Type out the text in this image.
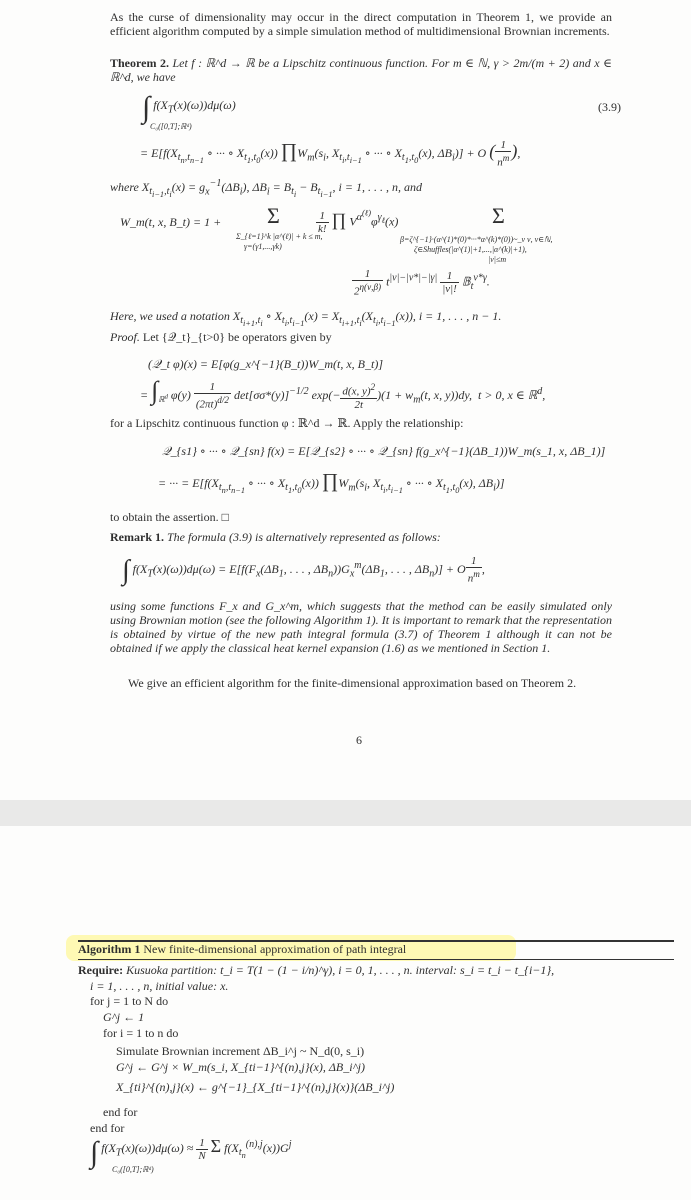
As the curse of dimensionality may occur in the direct computation in Theorem 1, we provide an efficient algorithm computed by a simple simulation method of multidimensional Brownian increments.
Theorem 2. Let f : ℝ^d → ℝ be a Lipschitz continuous function. For m ∈ ℕ, γ > 2m/(m + 2) and x ∈ ℝ^d, we have
∫ $f(X_T(x)(\omega))d\mu(\omega)$
C₀([0,T];ℝᵈ)
(3.9)
= $E[f(X_{t_n,t_{n-1}}$ ∘ ··· ∘ $X_{t_1,t_0}(x)$) $\prod W_m(s_i$, $X_{t_i,t_{i-1}}$ ∘ ··· ∘ $X_{t_1,t_0}(x)$, $\Delta B_i)] + O$ ( $\frac{1}{n^m}$ ),
where $X_{t_{i-1},t_i}(x) = g_x^{-1}(\Delta B_i)$, $\Delta B_i = B_{t_i} - B_{t_{i-1}}$, i = 1, . . . , n, and
W_m(t, x, B_t) = 1 + Σ
Σ_{ℓ=1}^k |α^(ℓ)| + k ≤ m,
γ=(γ1,...,γk)
$\frac{1}{k!}$ ∏ $V^{\alpha^{(\ell)}}\varphi^{\gamma_\ell}(x)$	Σ
β=ζ^{−1}·(α^(1)*(0)*···*α^(k)*(0))~_ν ν, ν∈ℕ,
ζ∈Shuffles(|α^(1)|+1,...,|α^(k)|+1),
|ν|≤m
$\frac{1}{2^{\eta(\nu,\beta)}} t^{|\nu|-|\nu*|-|\gamma|} \frac{1}{|\nu|!}$ 𝔹$_t^{\nu*\gamma}$.
Here, we used a notation $X_{t_{i+1},t_i}$ ∘ $X_{t_i,t_{i-1}}(x) = X_{t_{i+1},t_i}(X_{t_i,t_{i-1}}(x))$, i = 1, . . . , n − 1.
Proof. Let {𝒬_t}_{t>0} be operators given by
(𝒬_t φ)(x) = E[φ(g_x^{−1}(B_t))W_m(t, x, B_t)]
= $\int_{ℝ^d}$ $\varphi(y) \frac{1}{(2\pi t)^{d/2}} \det[\sigma\sigma*(y)]^{-1/2}$ $\exp(- \frac{d(x, y)^2}{2t} )(1 + w_m(t$, x, y))dy,  t > 0, x ∈ ℝ$^d$,
for a Lipschitz continuous function φ : ℝ^d → ℝ. Apply the relationship:
𝒬_{s1} ∘ ··· ∘ 𝒬_{sn} f(x) = E[𝒬_{s2} ∘ ··· ∘ 𝒬_{sn} f(g_x^{−1}(ΔB_1))W_m(s_1, x, ΔB_1)]
= ··· = $E[f(X_{t_n,t_{n-1}}$ ∘ ··· ∘ $X_{t_1,t_0}(x)$) $\prod W_m(s_i$, $X_{t_i,t_{i-1}}$ ∘ ··· ∘ $X_{t_1,t_0}(x)$, $\Delta B_i$)]
to obtain the assertion. □
Remark 1. The formula (3.9) is alternatively represented as follows:
∫ $f(X_T(x)(\omega))d\mu(\omega) = E[f(F_x(\Delta B_1$, . . . , $\Delta B_n))G_x^m(\Delta B_1$, . . . , $\Delta B_n)] + O \frac{1}{n^m}$ ,
using some functions F_x and G_x^m, which suggests that the method can be easily simulated only using Brownian motion (see the following Algorithm 1). It is important to remark that the representation is obtained by virtue of the new path integral formula (3.7) of Theorem 1 although it can not be obtained if we apply the classical heat kernel expansion (1.6) as we mentioned in Section 1.
We give an efficient algorithm for the finite-dimensional approximation based on Theorem 2.
6
Algorithm 1 New finite-dimensional approximation of path integral
Require: Kusuoka partition: t_i = T(1 − (1 − i/n)^γ), i = 0, 1, . . . , n. interval: s_i = t_i − t_{i−1},
i = 1, . . . , n, initial value: x.
for j = 1 to N do
G^j ← 1
for i = 1 to n do
Simulate Brownian increment ΔB_i^j ~ N_d(0, s_i)
G^j ← G^j × W_m(s_i, X_{ti−1}^{(n),j}(x), ΔB_i^j)
X_{ti}^{(n),j}(x) ← g^{−1}_{X_{ti−1}^{(n),j}(x)}(ΔB_i^j)
end for
end for
∫ $f(X_T(x)(\omega))d\mu(\omega) \approx \frac{1}{N}$ Σ $f(X_{t_n}^{(n),j}(x))G^j$
C₀([0,T];ℝᵈ)
